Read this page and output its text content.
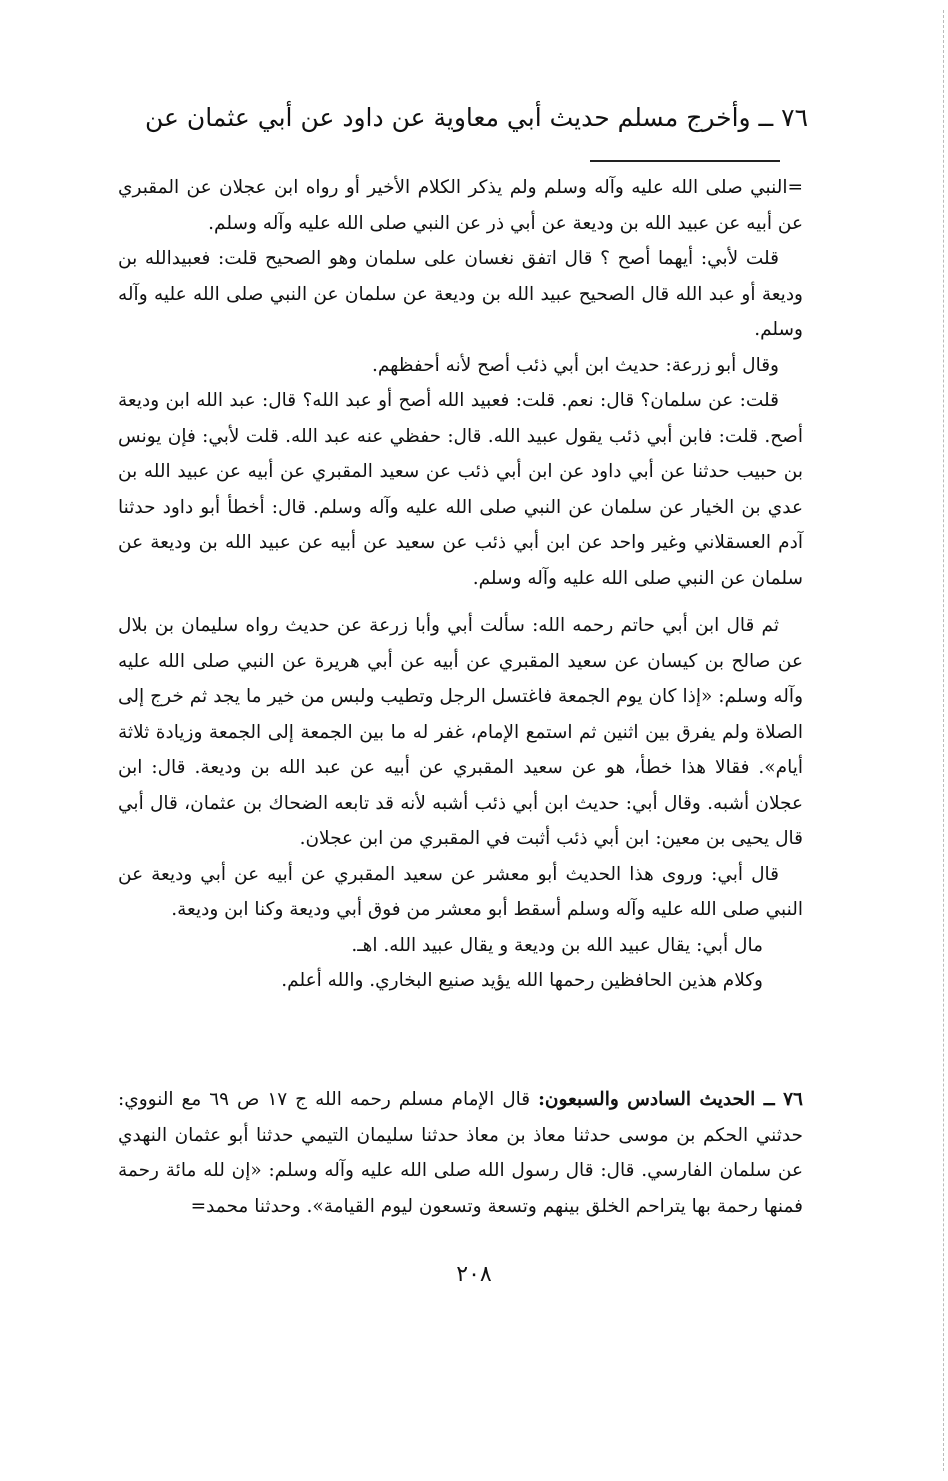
٧٦ ــ وأخرج مسلم حديث أبي معاوية عن داود عن أبي عثمان عن

=النبي صلى الله عليه وآله وسلم ولم يذكر الكلام الأخير أو رواه ابن عجلان عن المقبري عن أبيه عن عبيد الله بن وديعة عن أبي ذر عن النبي صلى الله عليه وآله وسلم.

قلت لأبي: أيهما أصح ؟ قال اتفق نغسان على سلمان وهو الصحيح قلت: فعبيدالله بن وديعة أو عبد الله قال الصحيح عبيد الله بن وديعة عن سلمان عن النبي صلى الله عليه وآله وسلم.

وقال أبو زرعة: حديث ابن أبي ذئب أصح لأنه أحفظهم.

قلت: عن سلمان؟ قال: نعم. قلت: فعبيد الله أصح أو عبد الله؟ قال: عبد الله ابن وديعة أصح. قلت: فابن أبي ذئب يقول عبيد الله. قال: حفظي عنه عبد الله. قلت لأبي: فإن يونس بن حبيب حدثنا عن أبي داود عن ابن أبي ذئب عن سعيد المقبري عن أبيه عن عبيد الله بن عدي بن الخيار عن سلمان عن النبي صلى الله عليه وآله وسلم. قال: أخطأ أبو داود حدثنا آدم العسقلاني وغير واحد عن ابن أبي ذئب عن سعيد عن أبيه عن عبيد الله بن وديعة عن سلمان عن النبي صلى الله عليه وآله وسلم.

ثم قال ابن أبي حاتم رحمه الله: سألت أبي وأبا زرعة عن حديث رواه سليمان بن بلال عن صالح بن كيسان عن سعيد المقبري عن أبيه عن أبي هريرة عن النبي صلى الله عليه وآله وسلم: «إذا كان يوم الجمعة فاغتسل الرجل وتطيب ولبس من خير ما يجد ثم خرج إلى الصلاة ولم يفرق بين اثنين ثم استمع الإمام، غفر له ما بين الجمعة إلى الجمعة وزيادة ثلاثة أيام». فقالا هذا خطأ، هو عن سعيد المقبري عن أبيه عن عبد الله بن وديعة. قال: ابن عجلان أشبه. وقال أبي: حديث ابن أبي ذئب أشبه لأنه قد تابعه الضحاك بن عثمان، قال أبي قال يحيى بن معين: ابن أبي ذئب أثبت في المقبري من ابن عجلان.

قال أبي: وروى هذا الحديث أبو معشر عن سعيد المقبري عن أبيه عن أبي وديعة عن النبي صلى الله عليه وآله وسلم أسقط أبو معشر من فوق أبي وديعة وكنا ابن وديعة.

مال أبي: يقال عبيد الله بن وديعة و يقال عبيد الله. اهـ.

وكلام هذين الحافظين رحمها الله يؤيد صنيع البخاري. والله أعلم.

٧٦ ــ الحديث السادس والسبعون: قال الإمام مسلم رحمه الله ج ١٧ ص ٦٩ مع النووي: حدثني الحكم بن موسى حدثنا معاذ بن معاذ حدثنا سليمان التيمي حدثنا أبو عثمان النهدي عن سلمان الفارسي. قال: قال رسول الله صلى الله عليه وآله وسلم: «إن لله مائة رحمة فمنها رحمة بها يتراحم الخلق بينهم وتسعة وتسعون ليوم القيامة». وحدثنا محمد=
٢٠٨
